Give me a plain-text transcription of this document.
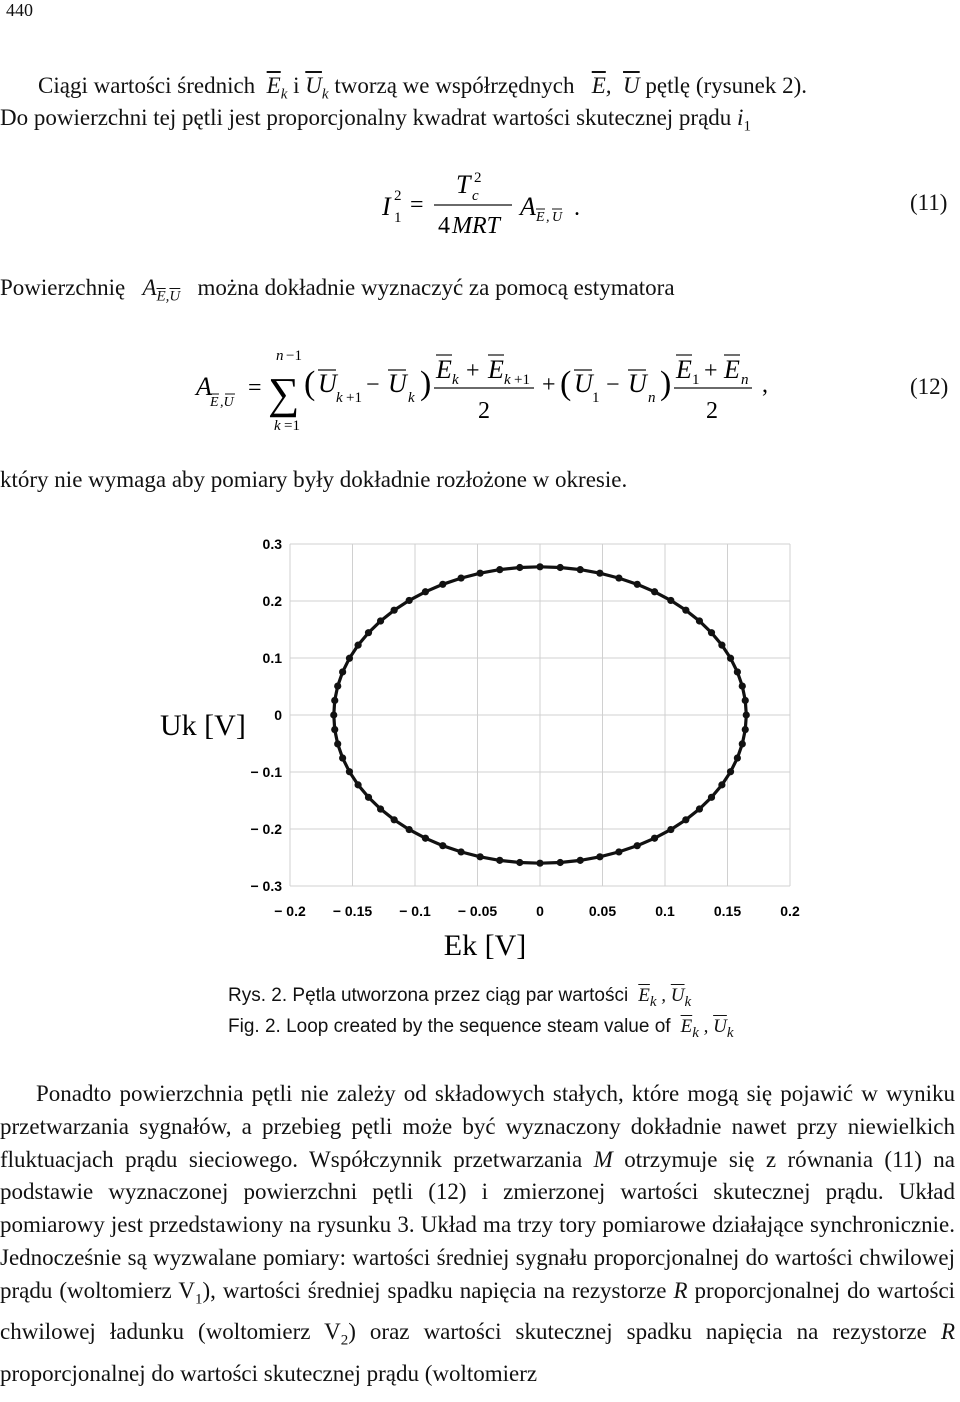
440
Ciągi wartości średnich $\overline{E}_k$ i $\overline{U}_k$ tworzą we współrzędnych $\overline{E}$,  $\overline{U}$ pętlę (rysunek 2).
Do powierzchni tej pętli jest proporcjonalny kwadrat wartości skutecznej prądu $i_1$
I 2
1 =
T 2
c
4 MRT
A E , U .	(11)
Powierzchnię   $A_{\overline{E},\overline{U}}$ można dokładnie wyznaczyć za pomocą estymatora
A
E ,U
=
n −1
∑
k =1
( U k +1 − U k ) E k + E k +1
2
+ ( U 1 − U n ) E 1 + E n
2
,	(12)
który nie wymaga aby pomiary były dokładnie rozłożone w okresie.
0.3
0.2
0.1
0
− 0.1
− 0.2
− 0.3
− 0.2 − 0.15 − 0.1 − 0.05	0	0.05	0.1	0.15	0.2
Uk [V]
Ek [V]
Rys. 2. Pętla utworzona przez ciąg par wartości $\overline{E}_k$ , $\overline{U}_k$
Fig. 2. Loop created by the sequence steam value of $\overline{E}_k$ , $\overline{U}_k$

Ponadto powierzchnia pętli nie zależy od składowych stałych, które mogą się pojawić w wyniku przetwarzania sygnałów, a przebieg pętli może być wyznaczony dokładnie nawet przy niewielkich fluktuacjach prądu sieciowego. Współczynnik przetwarzania M otrzymuje się z równania (11) na podstawie wyznaczonej powierzchni pętli (12) i zmierzonej wartości skutecznej prądu. Układ pomiarowy jest przedstawiony na rysunku 3. Układ ma trzy tory pomiarowe działające synchronicznie. Jednocześnie są wyzwalane pomiary: wartości średniej sygnału proporcjonalnej do wartości chwilowej prądu (woltomierz $V_1$), wartości średniej spadku napięcia na rezystorze R proporcjonalnej do wartości chwilowej ładunku (woltomierz $V_2$) oraz wartości skutecznej spadku napięcia na rezystorze R proporcjonalnej do wartości skutecznej prądu (woltomierz
